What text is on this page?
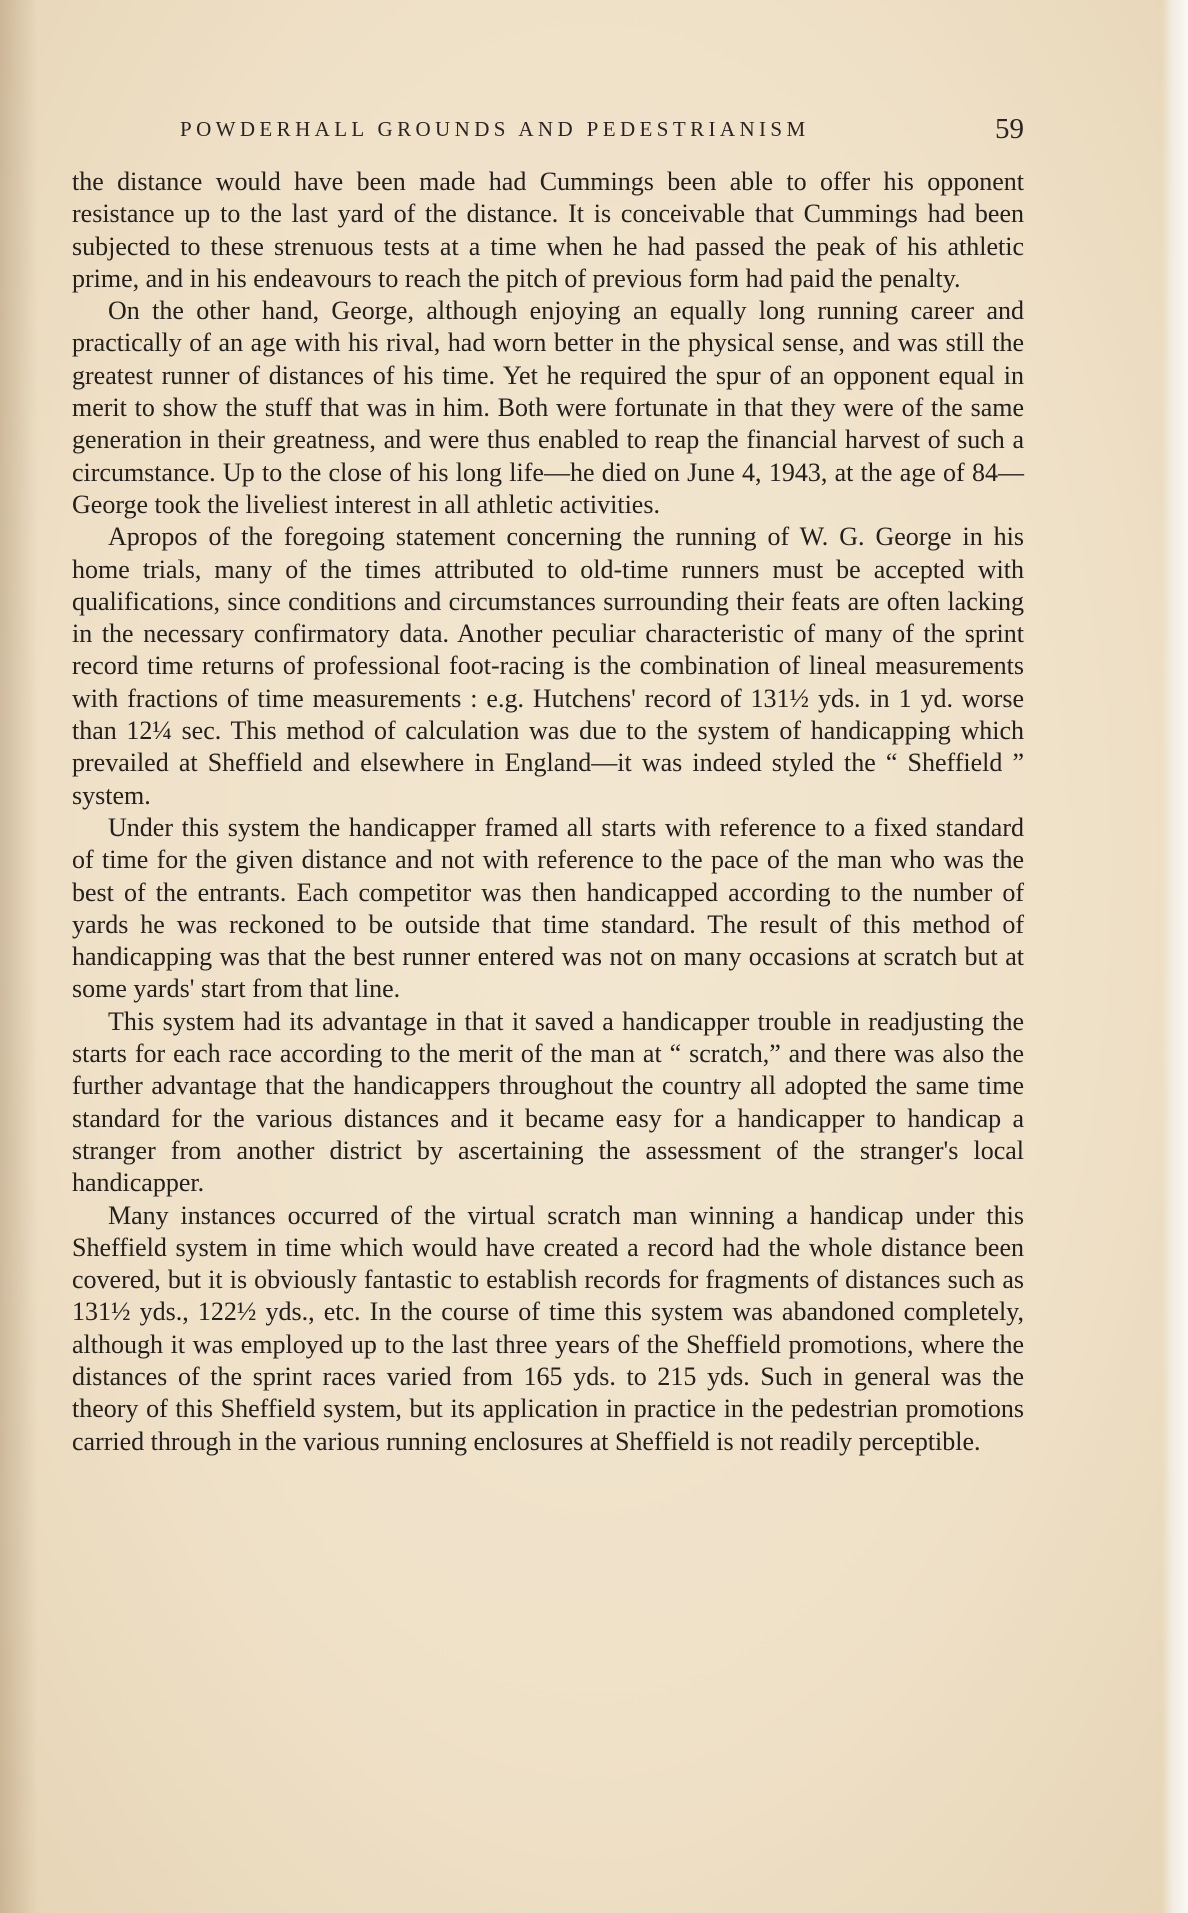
POWDERHALL GROUNDS AND PEDESTRIANISM	59

the distance would have been made had Cummings been able to offer his opponent resistance up to the last yard of the distance. It is conceivable that Cummings had been subjected to these strenuous tests at a time when he had passed the peak of his athletic prime, and in his endeavours to reach the pitch of previous form had paid the penalty.

On the other hand, George, although enjoying an equally long running career and practically of an age with his rival, had worn better in the physical sense, and was still the greatest runner of distances of his time. Yet he required the spur of an opponent equal in merit to show the stuff that was in him. Both were fortunate in that they were of the same generation in their greatness, and were thus enabled to reap the financial harvest of such a circumstance. Up to the close of his long life—he died on June 4, 1943, at the age of 84—George took the liveliest interest in all athletic activities.

Apropos of the foregoing statement concerning the running of W. G. George in his home trials, many of the times attributed to old-time runners must be accepted with qualifications, since conditions and circumstances surrounding their feats are often lacking in the necessary confirmatory data. Another peculiar characteristic of many of the sprint record time returns of professional foot-racing is the combination of lineal measurements with fractions of time measurements : e.g. Hutchens' record of 131½ yds. in 1 yd. worse than 12¼ sec. This method of calculation was due to the system of handicapping which prevailed at Sheffield and elsewhere in England—it was indeed styled the “ Sheffield ” system.

Under this system the handicapper framed all starts with reference to a fixed standard of time for the given distance and not with reference to the pace of the man who was the best of the entrants. Each competitor was then handicapped according to the number of yards he was reckoned to be outside that time standard. The result of this method of handicapping was that the best runner entered was not on many occasions at scratch but at some yards' start from that line.

This system had its advantage in that it saved a handicapper trouble in readjusting the starts for each race according to the merit of the man at “ scratch,” and there was also the further advantage that the handicappers throughout the country all adopted the same time standard for the various distances and it became easy for a handicapper to handicap a stranger from another district by ascertaining the assessment of the stranger's local handicapper.

Many instances occurred of the virtual scratch man winning a handicap under this Sheffield system in time which would have created a record had the whole distance been covered, but it is obviously fantastic to establish records for fragments of distances such as 131½ yds., 122½ yds., etc. In the course of time this system was abandoned completely, although it was employed up to the last three years of the Sheffield promotions, where the distances of the sprint races varied from 165 yds. to 215 yds. Such in general was the theory of this Sheffield system, but its application in practice in the pedestrian promotions carried through in the various running enclosures at Sheffield is not readily perceptible.
